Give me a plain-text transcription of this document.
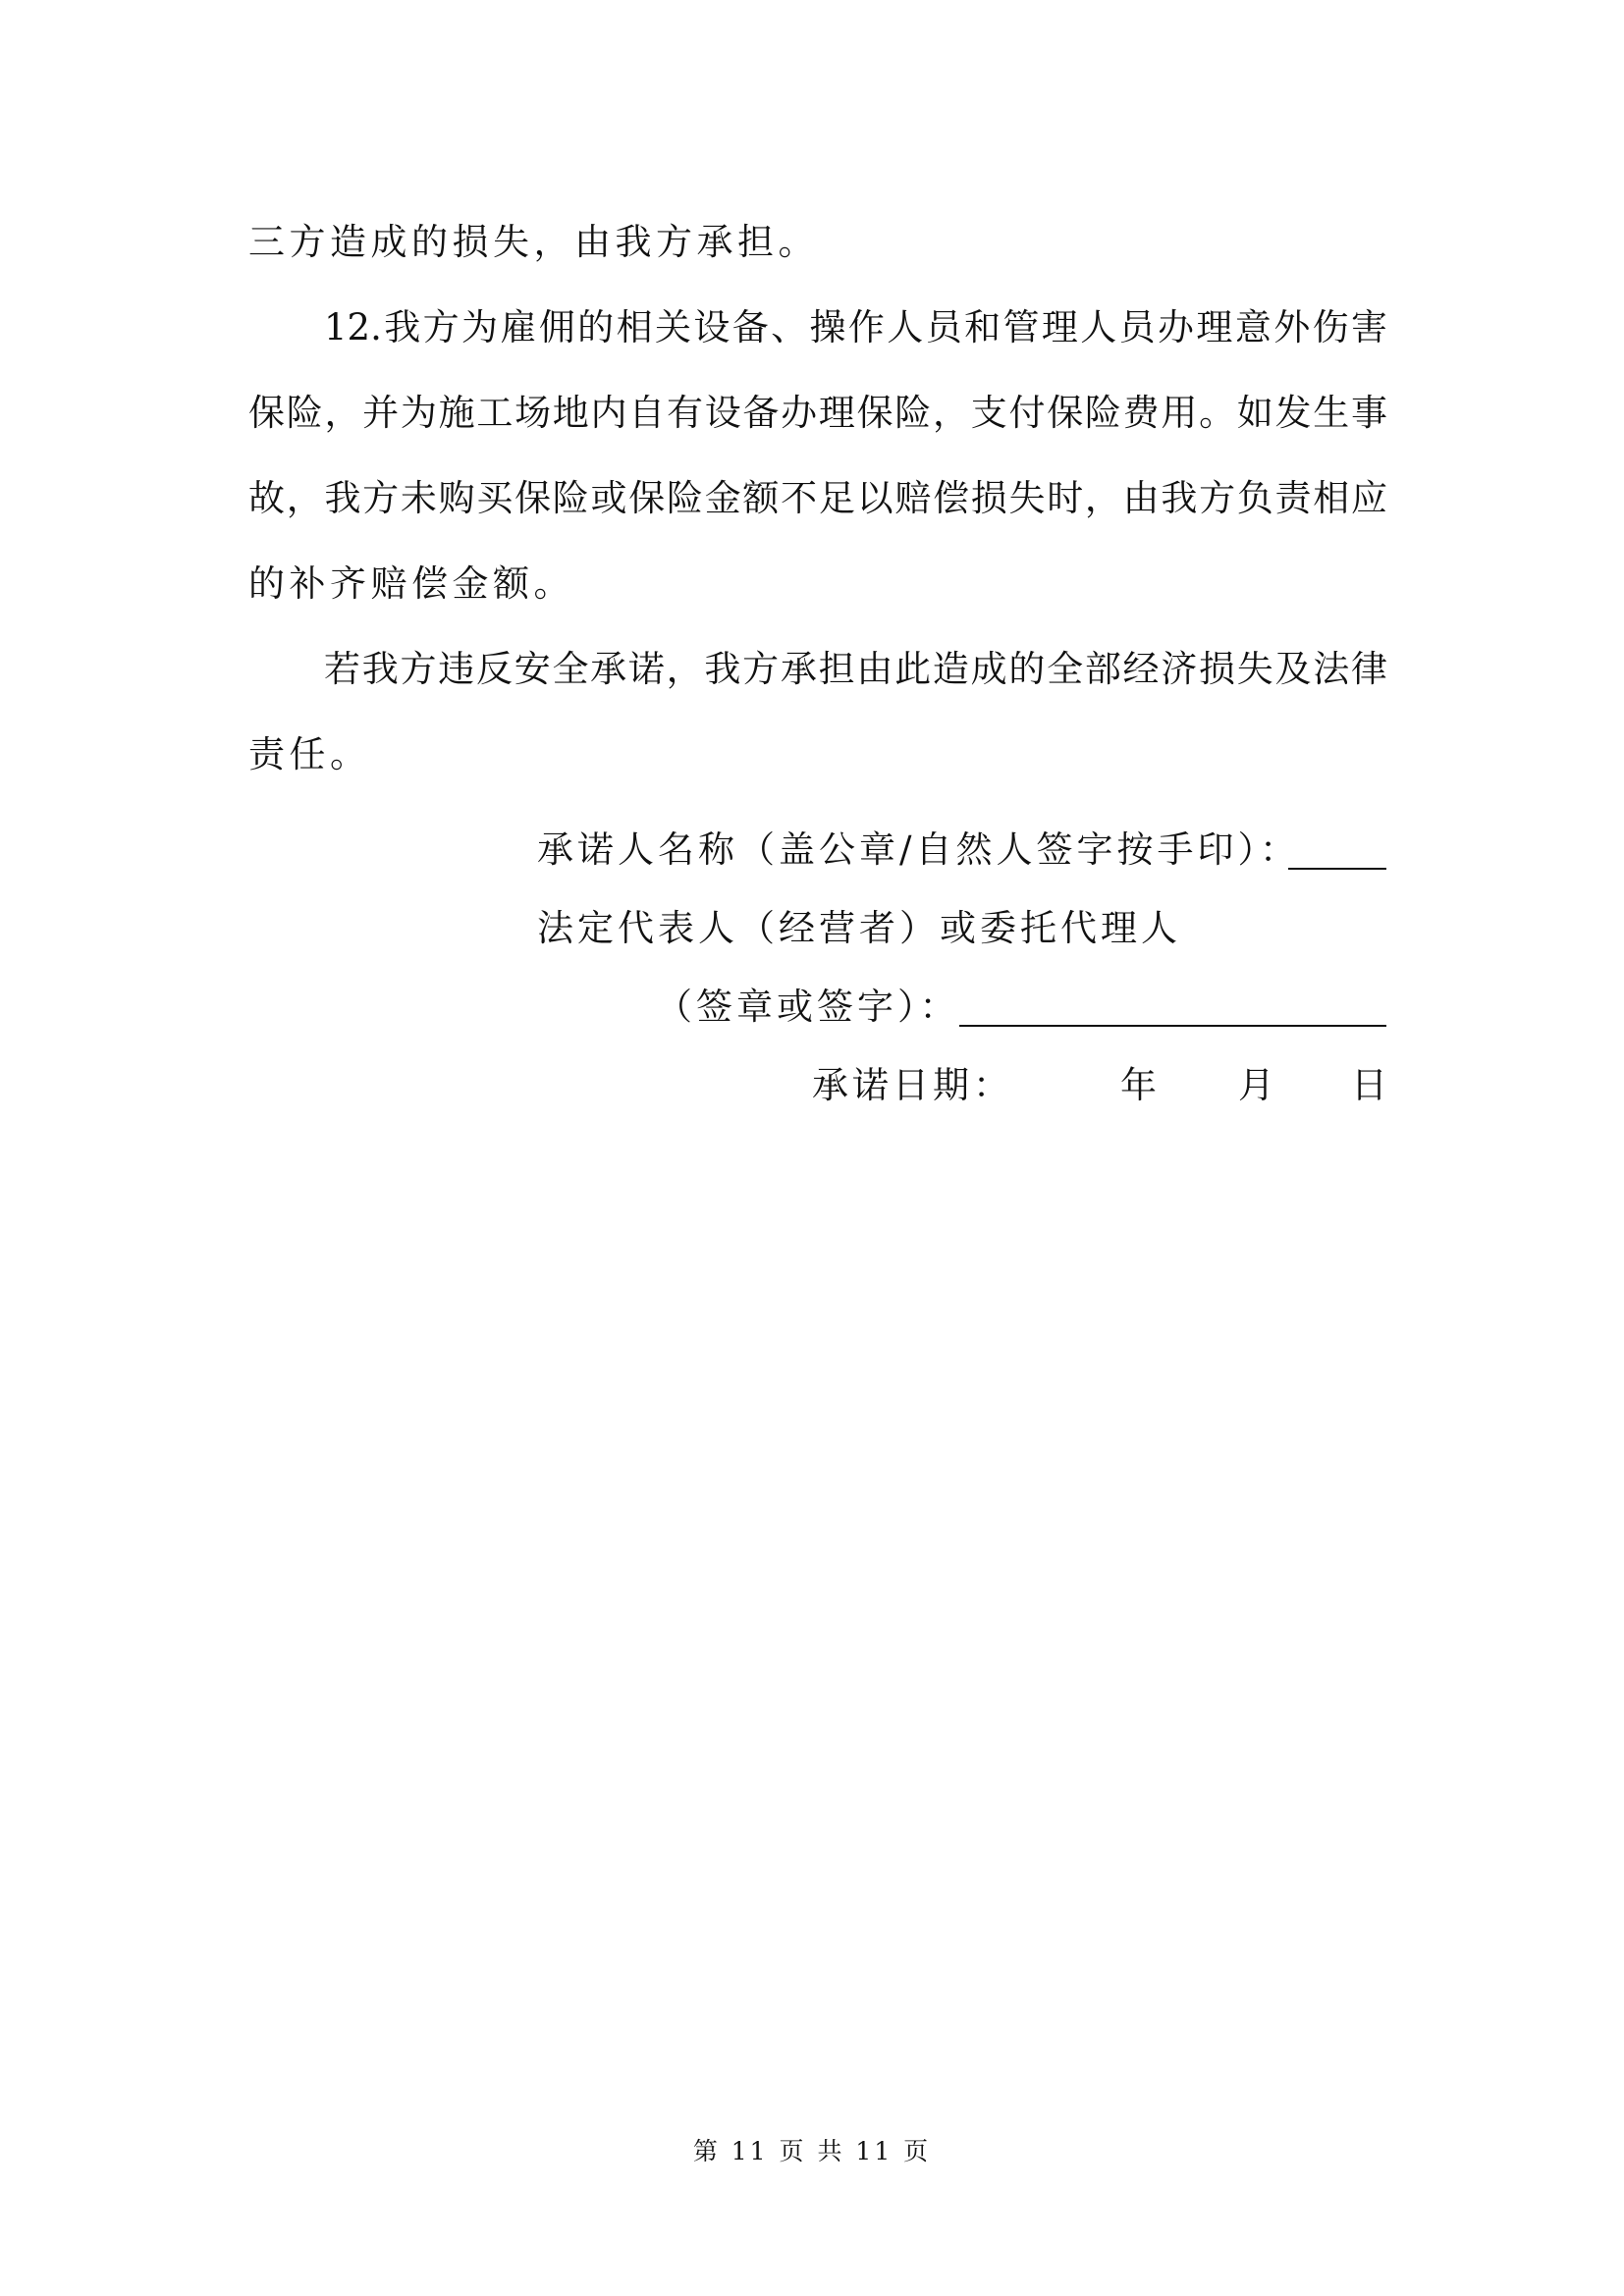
三方造成的损失，由我方承担。
12.我方为雇佣的相关设备、操作人员和管理人员办理意外伤害
保险，并为施工场地内自有设备办理保险，支付保险费用。如发生事
故，我方未购买保险或保险金额不足以赔偿损失时，由我方负责相应
的补齐赔偿金额。
若我方违反安全承诺，我方承担由此造成的全部经济损失及法律
责任。
承诺人名称（盖公章/自然人签字按手印）：
法定代表人（经营者）或委托代理人
（签章或签字）：
承诺日期：	年 月 日
第 11 页 共 11 页
